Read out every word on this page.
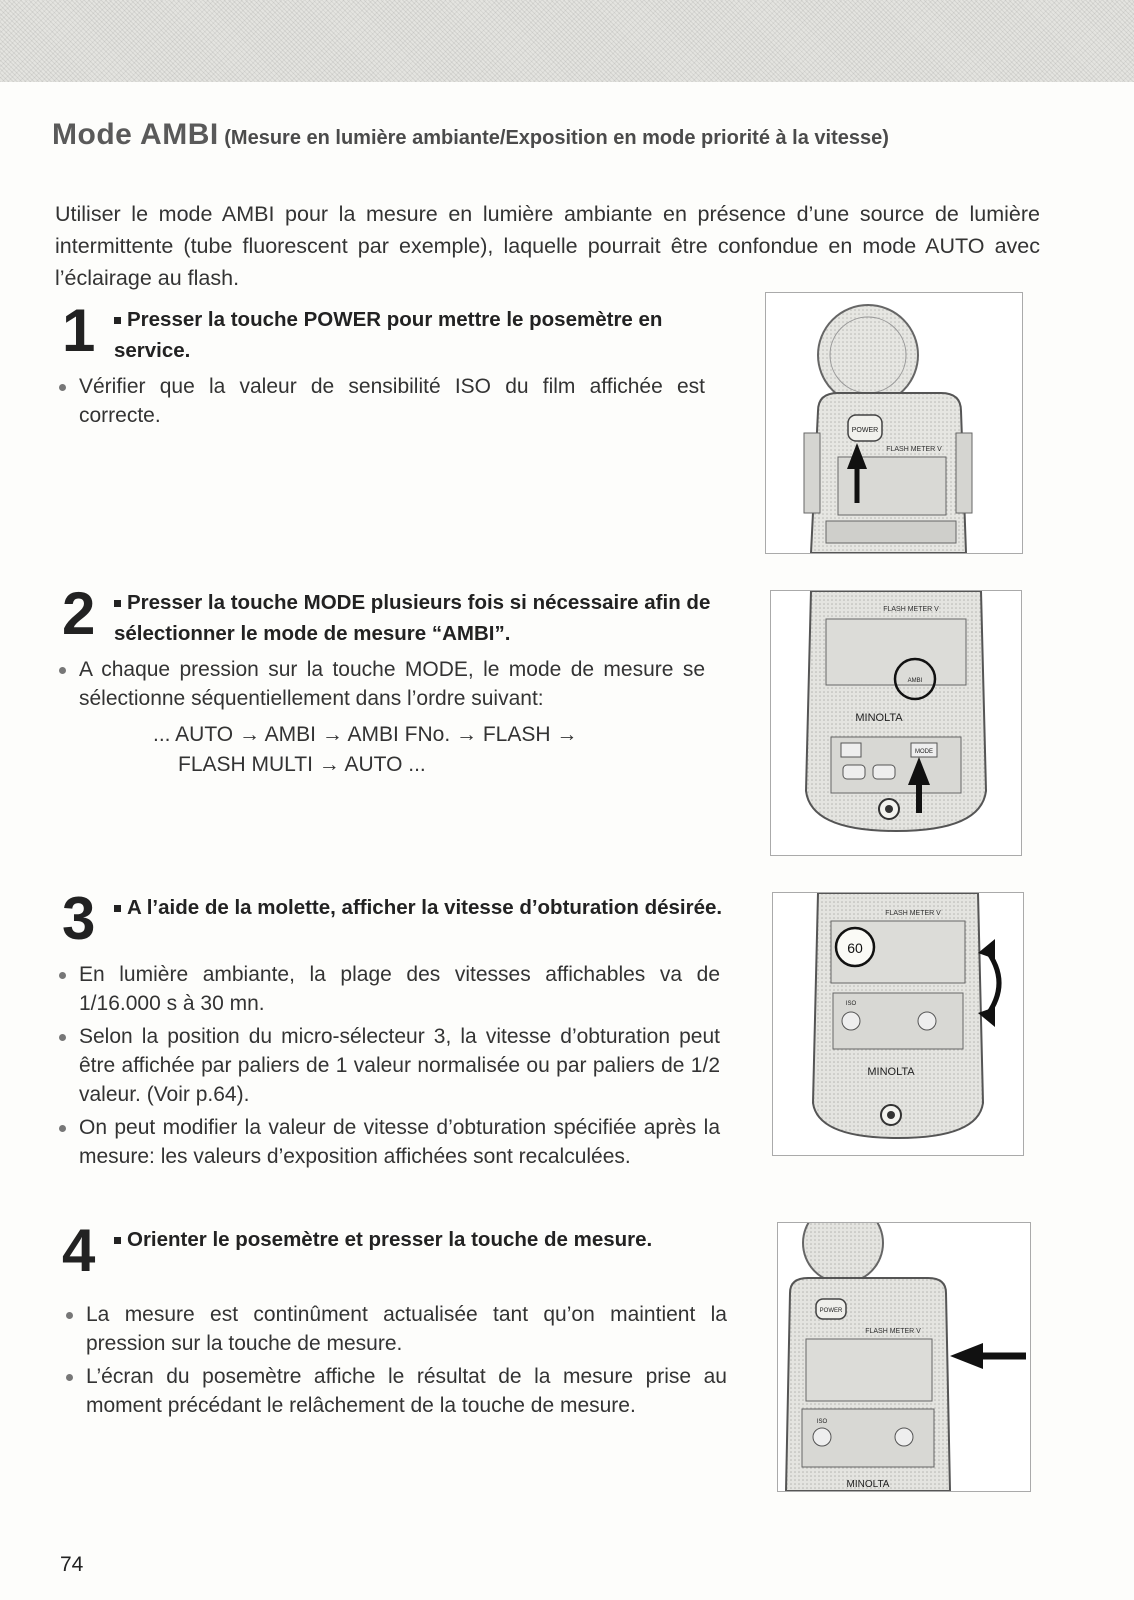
Mode AMBI (Mesure en lumière ambiante/Exposition en mode priorité à la vitesse)

Utiliser le mode AMBI pour la mesure en lumière ambiante en présence d’une source de lumière intermittente (tube fluorescent par exemple), laquelle pourrait être confondue en mode AUTO avec l’éclairage au flash.

1	Presser la touche POWER pour mettre le posemètre en service.
Vérifier que la valeur de sensibilité ISO du film affichée est correcte.
POWER
FLASH METER V
2	Presser la touche MODE plusieurs fois si nécessaire afin de sélectionner le mode de mesure “AMBI”.
A chaque pression sur la touche MODE, le mode de mesure se sélectionne séquentiellement dans l’ordre suivant:

... AUTO → AMBI → AMBI FNo. → FLASH →

FLASH MULTI → AUTO ...

FLASH METER V
AMBI
MINOLTA
MODE
3	A l’aide de la molette, afficher la vitesse d’obturation désirée.
En lumière ambiante, la plage des vitesses affichables va de 1/16.000 s à 30 mn.
Selon la position du micro-sélecteur 3, la vitesse d’obturation peut être affichée par paliers de 1 valeur normalisée ou par paliers de 1/2 valeur. (Voir p.64).
On peut modifier la valeur de vitesse d’obturation spécifiée après la mesure: les valeurs d’exposition affichées sont recalculées.
FLASH METER V
60
ISO
MINOLTA
4	Orienter le posemètre et presser la touche de mesure.
La mesure est continûment actualisée tant qu’on maintient la pression sur la touche de mesure.
L’écran du posemètre affiche le résultat de la mesure prise au moment précédant le relâchement de la touche de mesure.
POWER
FLASH METER V
ISO
MINOLTA
74
